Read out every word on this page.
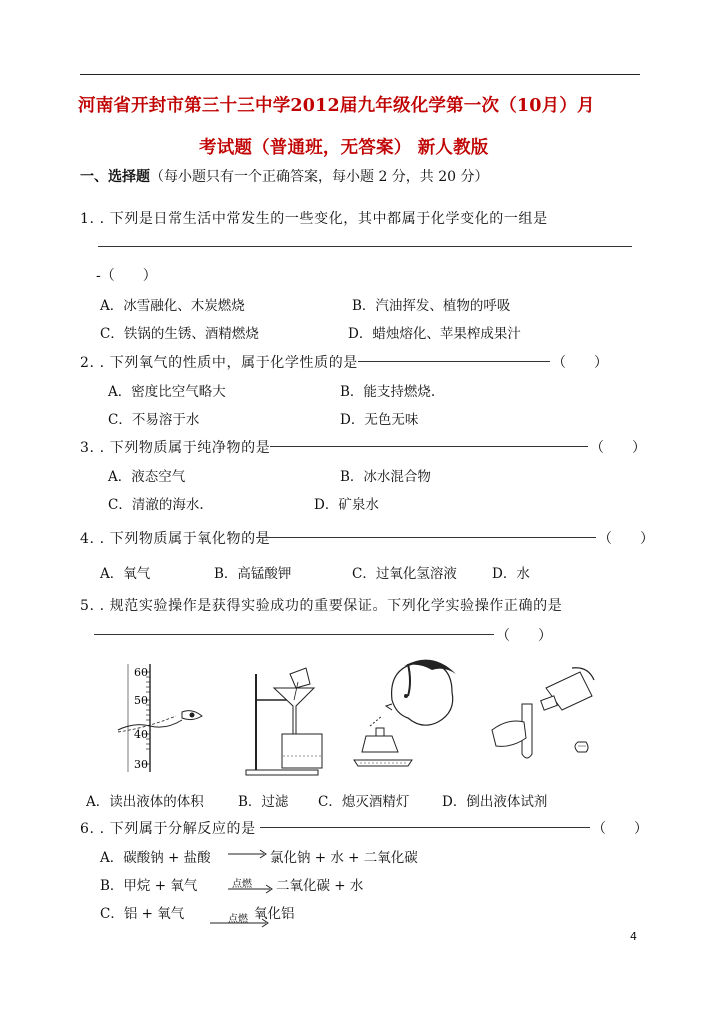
河南省开封市第三十三中学2012届九年级化学第一次（10月）月
考试题（普通班，无答案） 新人教版
一、选择题（每小题只有一个正确答案，每小题 2 分，共 20 分）
1. . 下列是日常生活中常发生的一些变化，其中都属于化学变化的一组是
-（　　）
A．冰雪融化、木炭燃烧	B．汽油挥发、植物的呼吸
C．铁锅的生锈、酒精燃烧	D．蜡烛熔化、苹果榨成果汁
2. . 下列氧气的性质中，属于化学性质的是	（　　）
A．密度比空气略大	B．能支持燃烧.
C．不易溶于水	D．无色无味
3. . 下列物质属于纯净物的是	（　　）
A．液态空气	B．冰水混合物
C．清澈的海水.	D．矿泉水
4. . 下列物质属于氧化物的是	（　　）
A．氧气	B．高锰酸钾	C．过氧化氢溶液	D．水
5. . 规范实验操作是获得实验成功的重要保证。下列化学实验操作正确的是
（　　）
60
50
40
30
A．读出液体的体积	B．过滤 C．熄灭酒精灯 D．倒出液体试剂
6. . 下列属于分解反应的是	（　　）
A．碳酸钠 + 盐酸	氯化钠 + 水 + 二氧化碳
B．甲烷 + 氧气	点燃 二氧化碳 + 水
C．铝 + 氧气	点燃 氧化铝
4
